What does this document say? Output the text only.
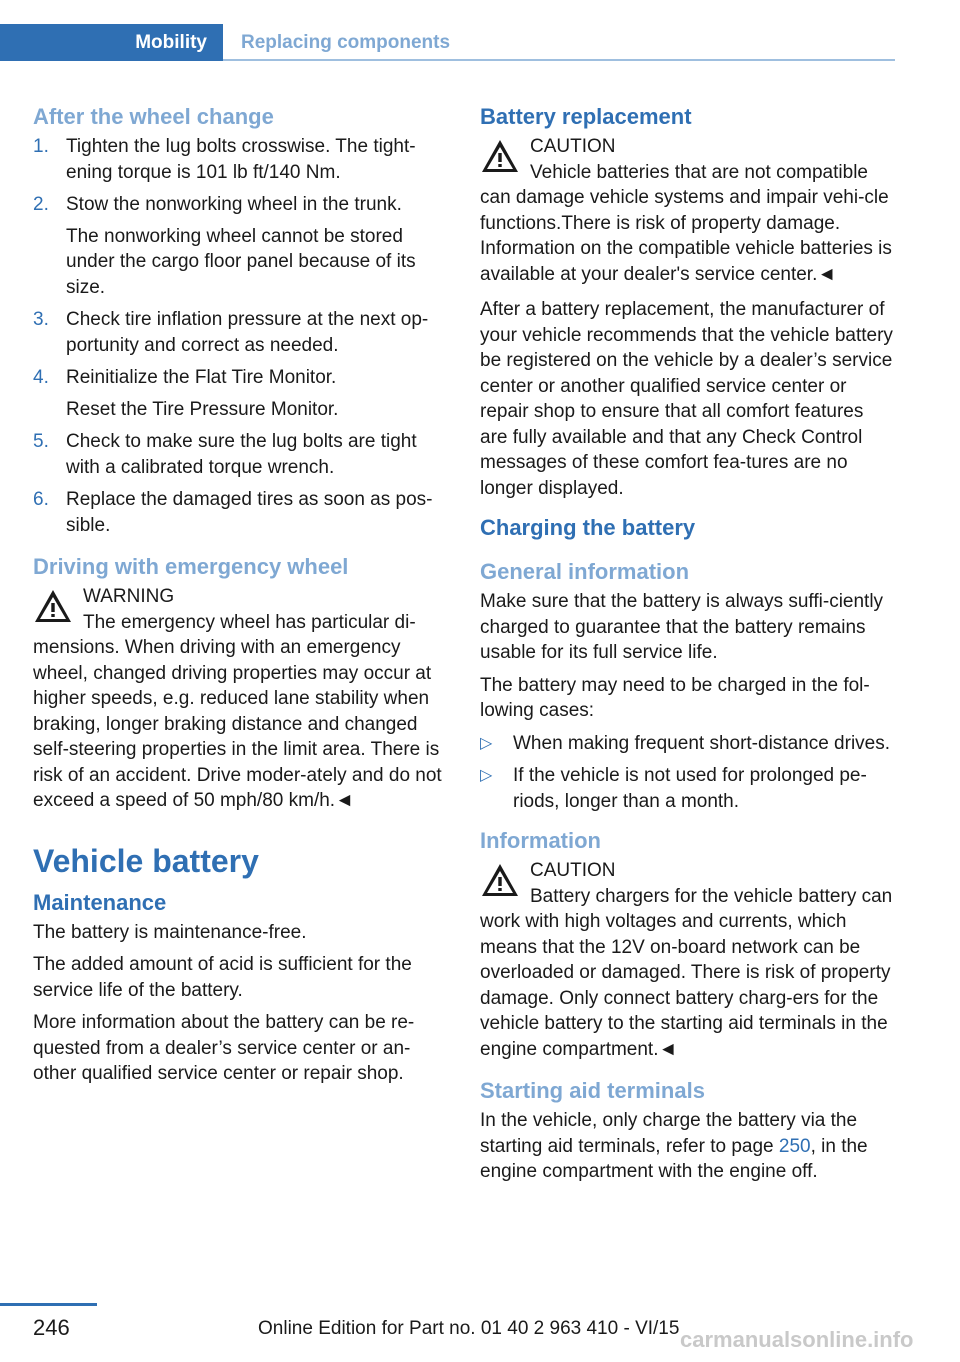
Mobility	Replacing components
After the wheel change
1. Tighten the lug bolts crosswise. The tight‐ening torque is 101 lb ft/140 Nm.
2. Stow the nonworking wheel in the trunk.
The nonworking wheel cannot be stored under the cargo floor panel because of its size.
3. Check tire inflation pressure at the next op‐portunity and correct as needed.
4. Reinitialize the Flat Tire Monitor.
Reset the Tire Pressure Monitor.
5. Check to make sure the lug bolts are tight with a calibrated torque wrench.
6. Replace the damaged tires as soon as pos‐sible.
Driving with emergency wheel
WARNING
The emergency wheel has particular di‐mensions. When driving with an emergency wheel, changed driving properties may occur at higher speeds, e.g. reduced lane stability when braking, longer braking distance and changed self-steering properties in the limit area. There is risk of an accident. Drive moder‐ately and do not exceed a speed of 50 mph/80 km/h.◄
Vehicle battery
Maintenance

The battery is maintenance-free.

The added amount of acid is sufficient for the service life of the battery.

More information about the battery can be re‐quested from a dealer’s service center or an‐other qualified service center or repair shop.

Battery replacement
CAUTION
Vehicle batteries that are not compatible can damage vehicle systems and impair vehi‐cle functions.There is risk of property damage. Information on the compatible vehicle batteries is available at your dealer's service center.◄

After a battery replacement, the manufacturer of your vehicle recommends that the vehicle battery be registered on the vehicle by a dealer’s service center or another qualified service center or repair shop to ensure that all comfort features are fully available and that any Check Control messages of these comfort fea‐tures are no longer displayed.

Charging the battery
General information

Make sure that the battery is always suffi‐ciently charged to guarantee that the battery remains usable for its full service life.

The battery may need to be charged in the fol‐lowing cases:

▷ When making frequent short-distance drives.
▷ If the vehicle is not used for prolonged pe‐riods, longer than a month.
Information
CAUTION
Battery chargers for the vehicle battery can work with high voltages and currents, which means that the 12V on-board network can be overloaded or damaged. There is risk of property damage. Only connect battery charg‐ers for the vehicle battery to the starting aid terminals in the engine compartment.◄
Starting aid terminals

In the vehicle, only charge the battery via the starting aid terminals, refer to page 250, in the engine compartment with the engine off.

246	Online Edition for Part no. 01 40 2 963 410 - VI/15 carmanualsonline.info
